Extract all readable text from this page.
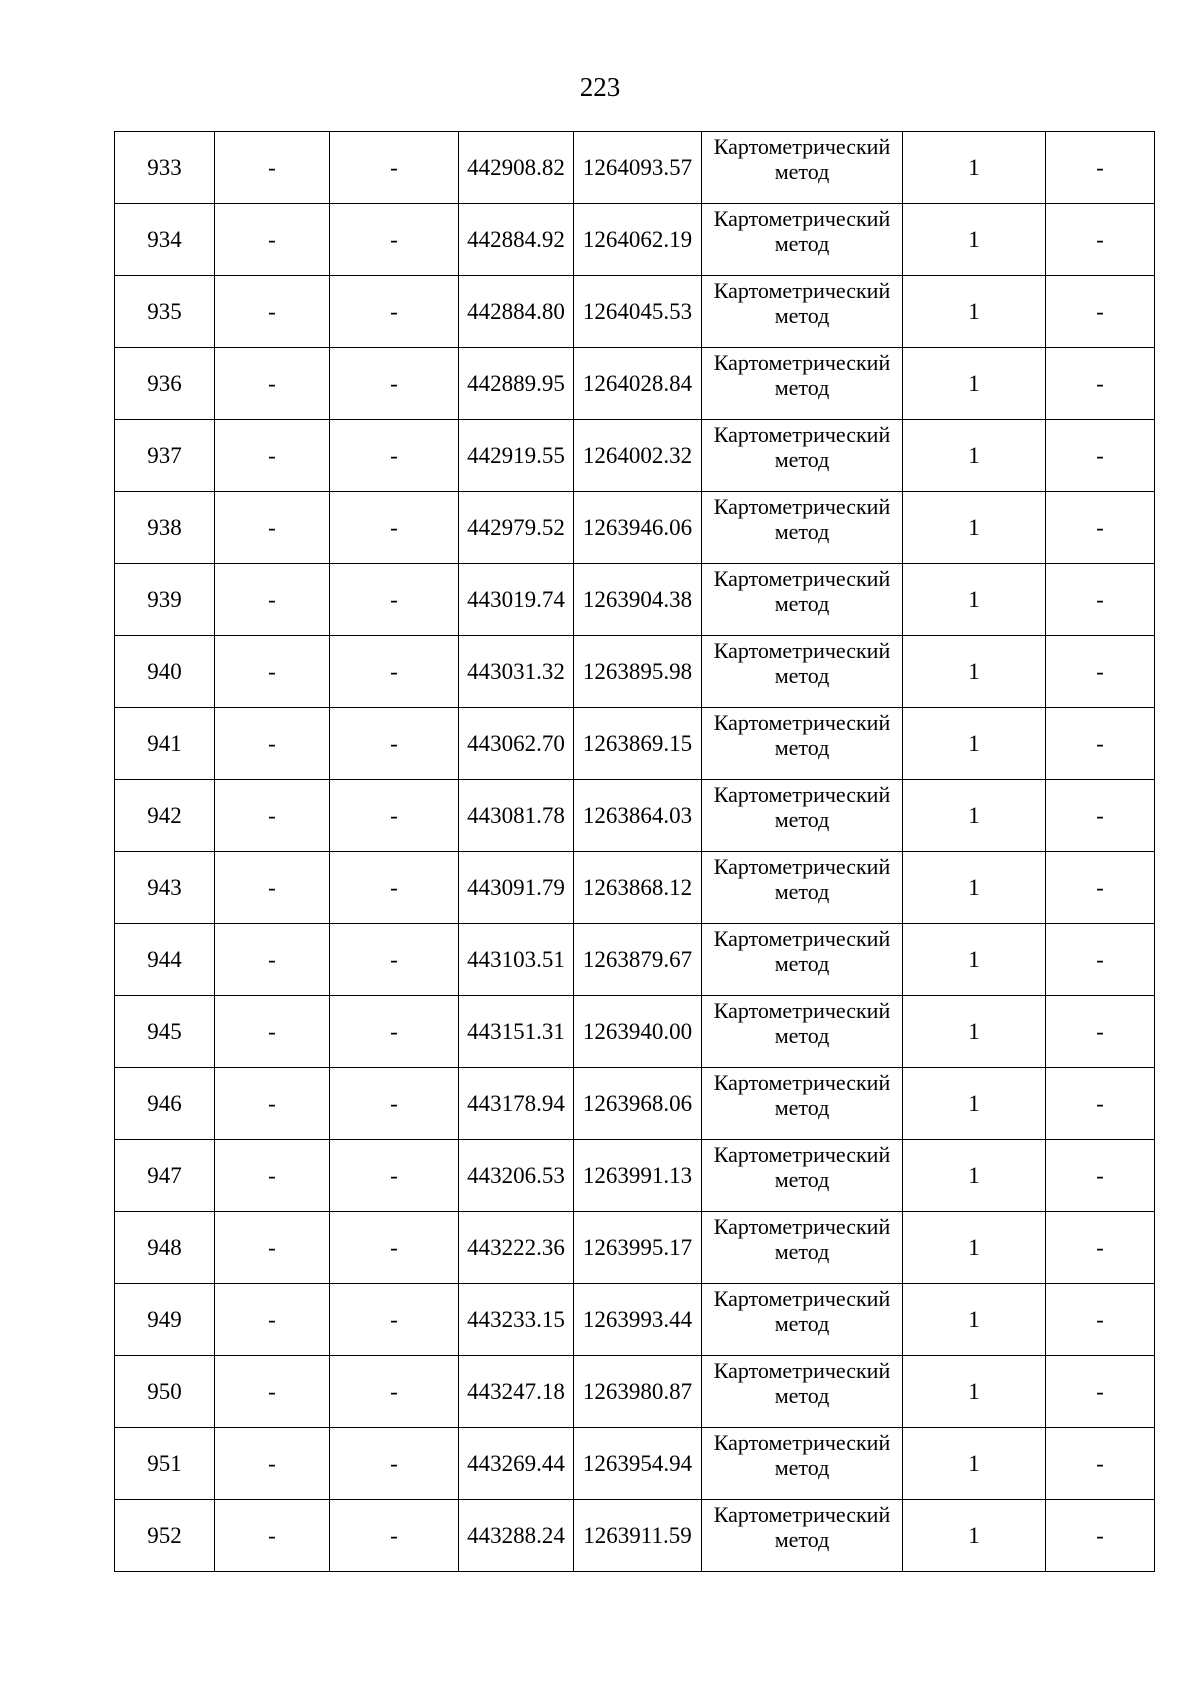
223
933	-	-	442908.82	1264093.57	Картометрический
метод	1	-
934	-	-	442884.92	1264062.19	Картометрический
метод	1	-
935	-	-	442884.80	1264045.53	Картометрический
метод	1	-
936	-	-	442889.95	1264028.84	Картометрический
метод	1	-
937	-	-	442919.55	1264002.32	Картометрический
метод	1	-
938	-	-	442979.52	1263946.06	Картометрический
метод	1	-
939	-	-	443019.74	1263904.38	Картометрический
метод	1	-
940	-	-	443031.32	1263895.98	Картометрический
метод	1	-
941	-	-	443062.70	1263869.15	Картометрический
метод	1	-
942	-	-	443081.78	1263864.03	Картометрический
метод	1	-
943	-	-	443091.79	1263868.12	Картометрический
метод	1	-
944	-	-	443103.51	1263879.67	Картометрический
метод	1	-
945	-	-	443151.31	1263940.00	Картометрический
метод	1	-
946	-	-	443178.94	1263968.06	Картометрический
метод	1	-
947	-	-	443206.53	1263991.13	Картометрический
метод	1	-
948	-	-	443222.36	1263995.17	Картометрический
метод	1	-
949	-	-	443233.15	1263993.44	Картометрический
метод	1	-
950	-	-	443247.18	1263980.87	Картометрический
метод	1	-
951	-	-	443269.44	1263954.94	Картометрический
метод	1	-
952	-	-	443288.24	1263911.59	Картометрический
метод	1	-
